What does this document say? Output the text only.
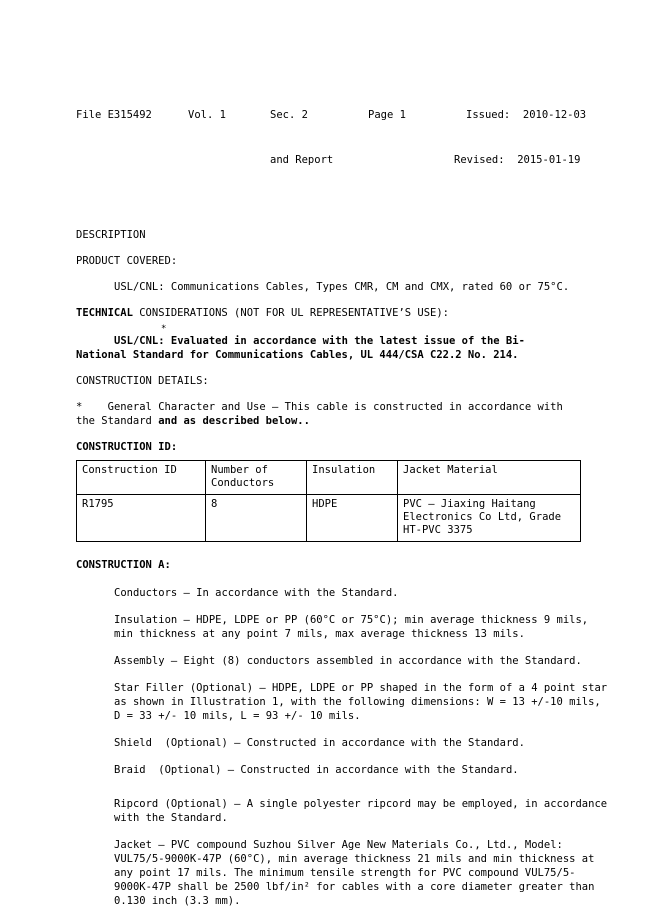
File E315492	Vol. 1	Sec. 2	Page 1	Issued:  2010-12-03

and Report	Revised:  2015-01-19

DESCRIPTION
PRODUCT COVERED:
USL/CNL: Communications Cables, Types CMR, CM and CMX, rated 60 or 75°C.
TECHNICAL CONSIDERATIONS (NOT FOR UL REPRESENTATIVE’S USE):
*
USL/CNL: Evaluated in accordance with the latest issue of the Bi-
National Standard for Communications Cables, UL 444/CSA C22.2 No. 214.
CONSTRUCTION DETAILS:
* General Character and Use – This cable is constructed in accordance with
the Standard and as described below..
CONSTRUCTION ID:
Construction ID	Number of Conductors	Insulation	Jacket Material
R1795	8	HDPE	PVC – Jiaxing Haitang Electronics Co Ltd, Grade HT-PVC 3375
CONSTRUCTION A:
Conductors – In accordance with the Standard.
Insulation – HDPE, LDPE or PP (60°C or 75°C); min average thickness 9 mils, min thickness at any point 7 mils, max average thickness 13 mils.
Assembly – Eight (8) conductors assembled in accordance with the Standard.
Star Filler (Optional) – HDPE, LDPE or PP shaped in the form of a 4 point star as shown in Illustration 1, with the following dimensions: W = 13 +/-10 mils, D = 33 +/- 10 mils, L = 93 +/- 10 mils.
Shield  (Optional) – Constructed in accordance with the Standard.
Braid  (Optional) – Constructed in accordance with the Standard.
Ripcord (Optional) – A single polyester ripcord may be employed, in accordance with the Standard.
Jacket – PVC compound Suzhou Silver Age New Materials Co., Ltd., Model: VUL75/5-9000K-47P (60°C), min average thickness 21 mils and min thickness at any point 17 mils. The minimum tensile strength for PVC compound VUL75/5-9000K-47P shall be 2500 lbf/in² for cables with a core diameter greater than 0.130 inch (3.3 mm).
